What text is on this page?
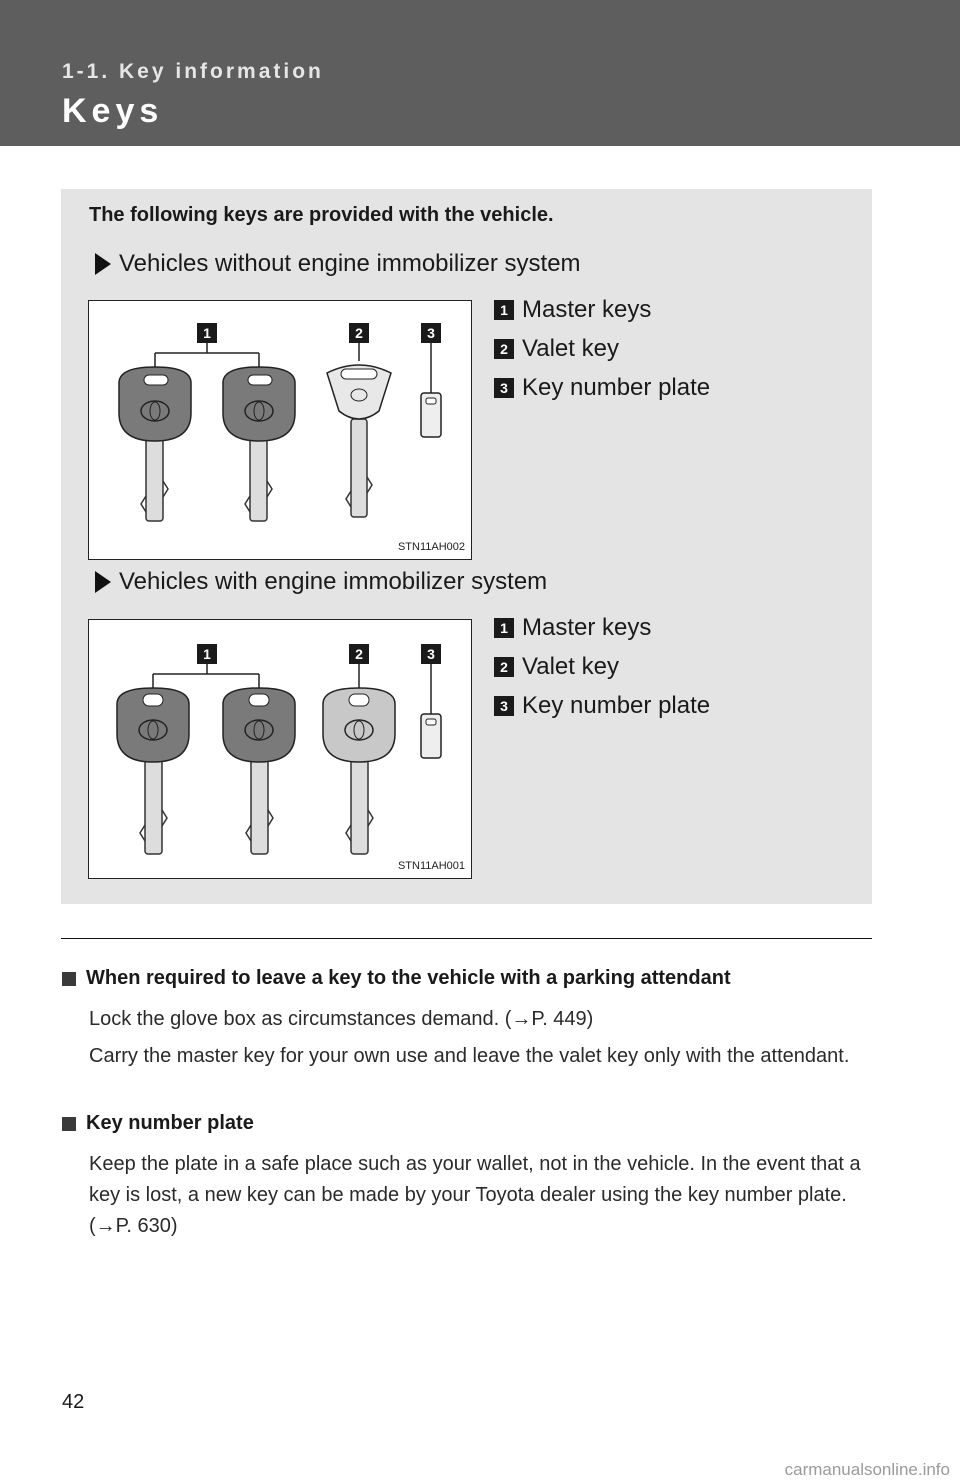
1-1. Key information
Keys
The following keys are provided with the vehicle.
Vehicles without engine immobilizer system
1	2	3
STN11AH002
1 Master keys
2 Valet key
3 Key number plate
Vehicles with engine immobilizer system
1	2	3
STN11AH001
1 Master keys
2 Valet key
3 Key number plate
When required to leave a key to the vehicle with a parking attendant

Lock the glove box as circumstances demand. (→P. 449)

Carry the master key for your own use and leave the valet key only with the attendant.

Key number plate

Keep the plate in a safe place such as your wallet, not in the vehicle. In the event that a key is lost, a new key can be made by your Toyota dealer using the key number plate. (→P. 630)

42
carmanualsonline.info
